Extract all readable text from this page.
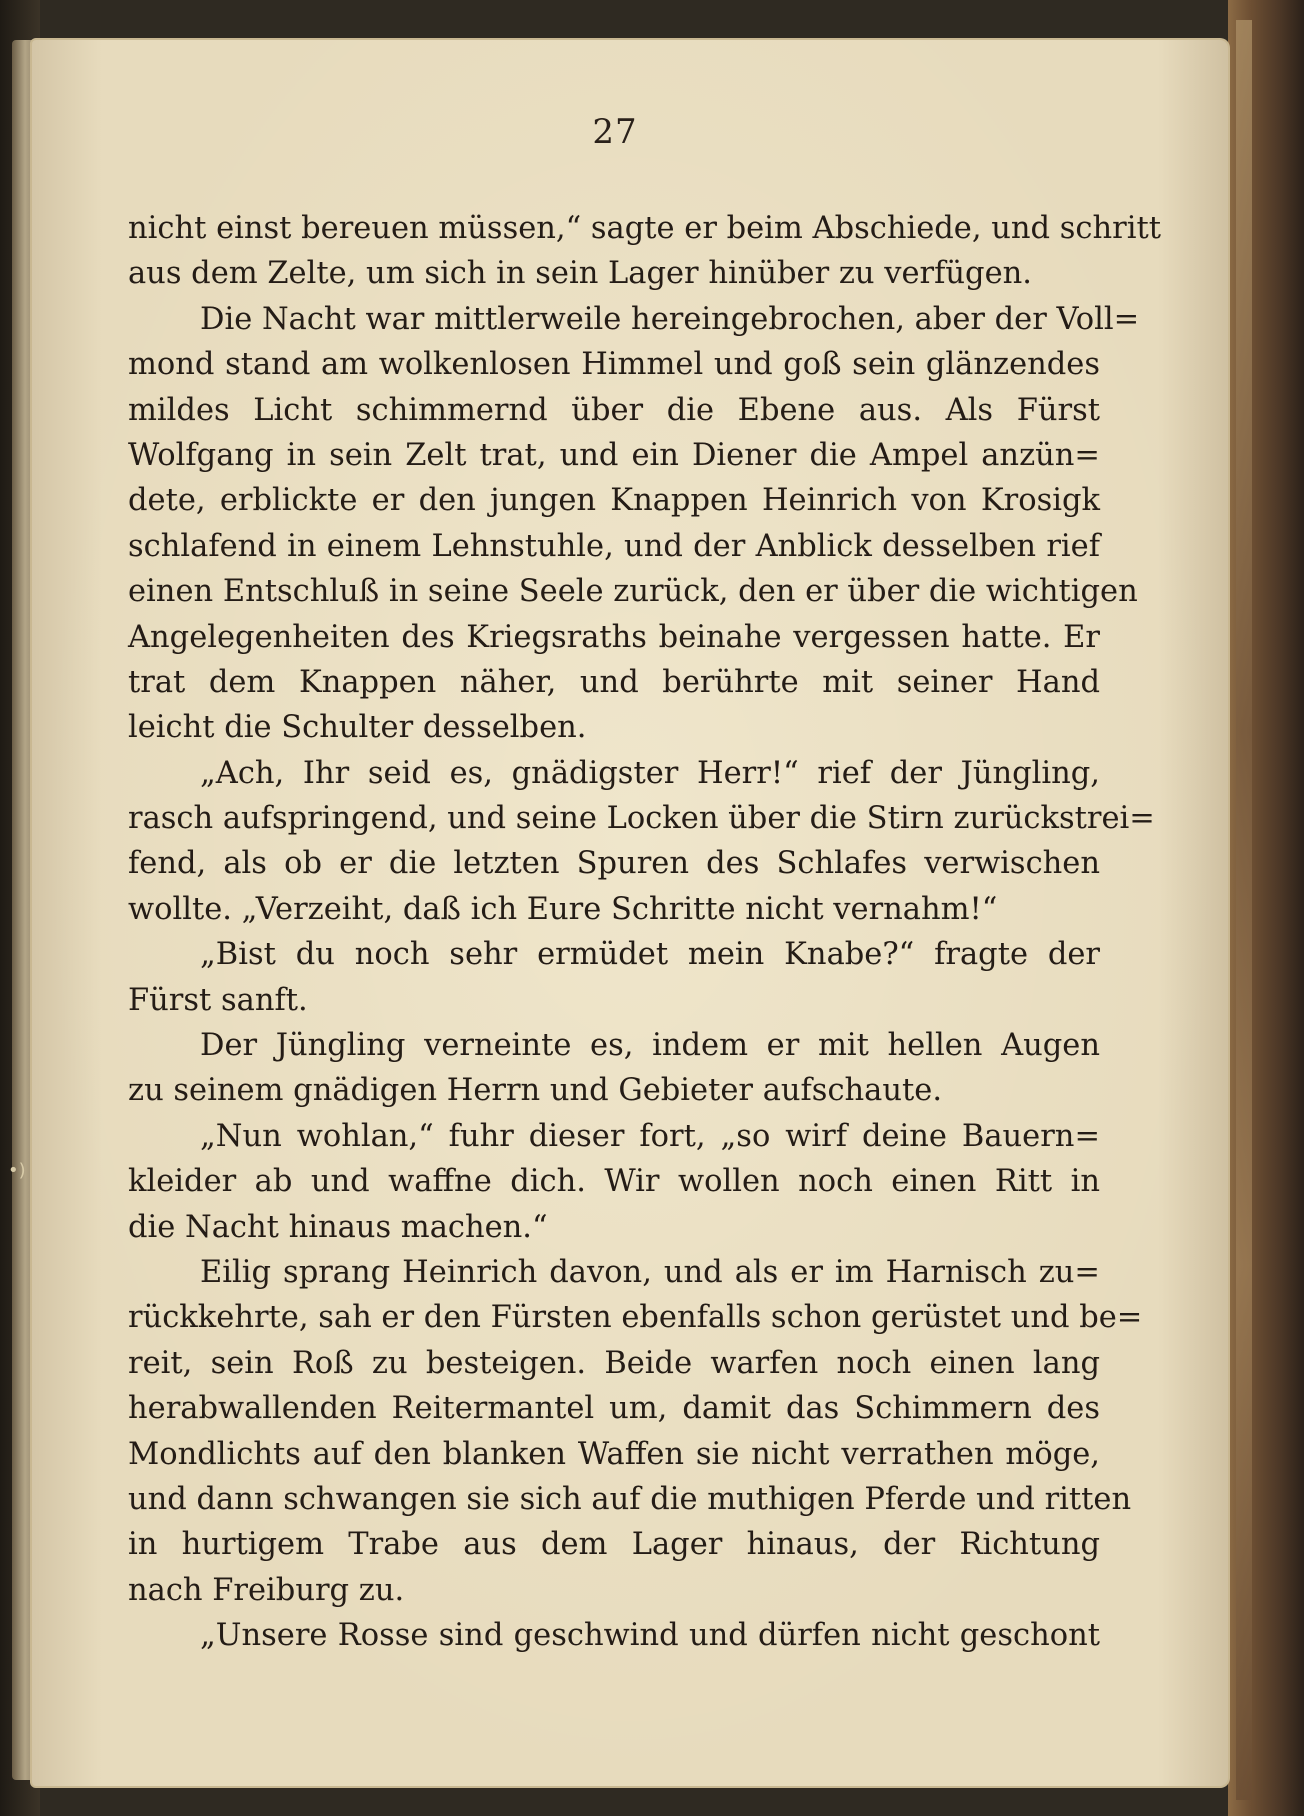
•)
27
nicht einst bereuen müssen,“ sagte er beim Abschiede, und schritt
aus dem Zelte, um sich in sein Lager hinüber zu verfügen.
Die Nacht war mittlerweile hereingebrochen, aber der Voll=
mond stand am wolkenlosen Himmel und goß sein glänzendes
mildes Licht schimmernd über die Ebene aus. Als Fürst
Wolfgang in sein Zelt trat, und ein Diener die Ampel anzün=
dete, erblickte er den jungen Knappen Heinrich von Krosigk
schlafend in einem Lehnstuhle, und der Anblick desselben rief
einen Entschluß in seine Seele zurück, den er über die wichtigen
Angelegenheiten des Kriegsraths beinahe vergessen hatte. Er
trat dem Knappen näher, und berührte mit seiner Hand
leicht die Schulter desselben.
„Ach, Ihr seid es, gnädigster Herr!“ rief der Jüngling,
rasch aufspringend, und seine Locken über die Stirn zurückstrei=
fend, als ob er die letzten Spuren des Schlafes verwischen
wollte. „Verzeiht, daß ich Eure Schritte nicht vernahm!“
„Bist du noch sehr ermüdet mein Knabe?“ fragte der
Fürst sanft.
Der Jüngling verneinte es, indem er mit hellen Augen
zu seinem gnädigen Herrn und Gebieter aufschaute.
„Nun wohlan,“ fuhr dieser fort, „so wirf deine Bauern=
kleider ab und waffne dich. Wir wollen noch einen Ritt in
die Nacht hinaus machen.“
Eilig sprang Heinrich davon, und als er im Harnisch zu=
rückkehrte, sah er den Fürsten ebenfalls schon gerüstet und be=
reit, sein Roß zu besteigen. Beide warfen noch einen lang
herabwallenden Reitermantel um, damit das Schimmern des
Mondlichts auf den blanken Waffen sie nicht verrathen möge,
und dann schwangen sie sich auf die muthigen Pferde und ritten
in hurtigem Trabe aus dem Lager hinaus, der Richtung
nach Freiburg zu.
„Unsere Rosse sind geschwind und dürfen nicht geschont
